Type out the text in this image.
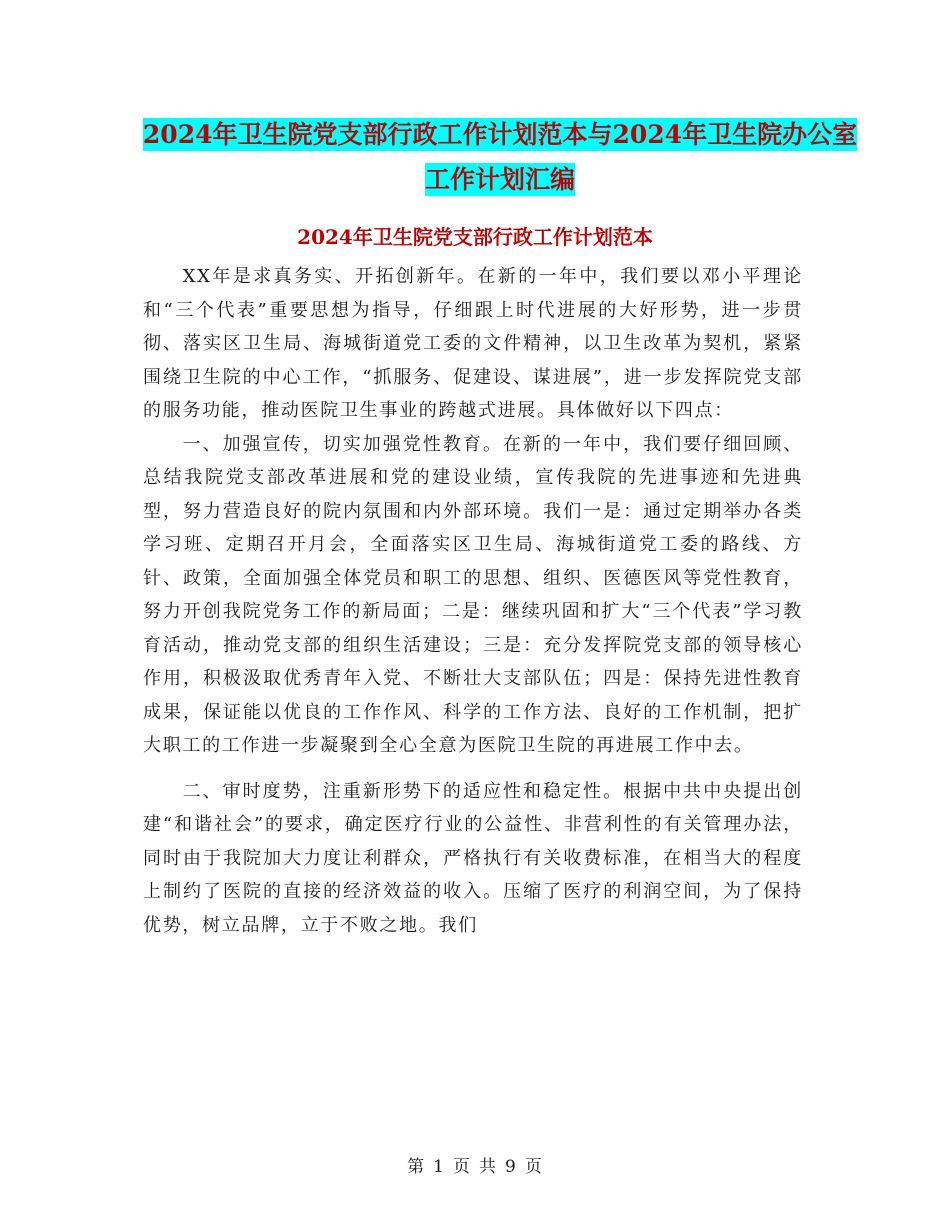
2024年卫生院党支部行政工作计划范本与2024年卫生院办公室工作计划汇编
2024年卫生院党支部行政工作计划范本

XX年是求真务实、开拓创新年。在新的一年中，我们要以邓小平理论和“三个代表”重要思想为指导，仔细跟上时代进展的大好形势，进一步贯彻、落实区卫生局、海城街道党工委的文件精神，以卫生改革为契机，紧紧围绕卫生院的中心工作，“抓服务、促建设、谋进展”，进一步发挥院党支部的服务功能，推动医院卫生事业的跨越式进展。具体做好以下四点：

一、加强宣传，切实加强党性教育。在新的一年中，我们要仔细回顾、总结我院党支部改革进展和党的建设业绩，宣传我院的先进事迹和先进典型，努力营造良好的院内氛围和内外部环境。我们一是：通过定期举办各类学习班、定期召开月会，全面落实区卫生局、海城街道党工委的路线、方针、政策，全面加强全体党员和职工的思想、组织、医德医风等党性教育，努力开创我院党务工作的新局面；二是：继续巩固和扩大“三个代表”学习教育活动，推动党支部的组织生活建设；三是：充分发挥院党支部的领导核心作用，积极汲取优秀青年入党、不断壮大支部队伍；四是：保持先进性教育成果，保证能以优良的工作作风、科学的工作方法、良好的工作机制，把扩大职工的工作进一步凝聚到全心全意为医院卫生院的再进展工作中去。

二、审时度势，注重新形势下的适应性和稳定性。根据中共中央提出创建“和谐社会”的要求，确定医疗行业的公益性、非营利性的有关管理办法，同时由于我院加大力度让利群众，严格执行有关收费标准，在相当大的程度上制约了医院的直接的经济效益的收入。压缩了医疗的利润空间，为了保持优势，树立品牌，立于不败之地。我们

第 1 页 共 9 页
